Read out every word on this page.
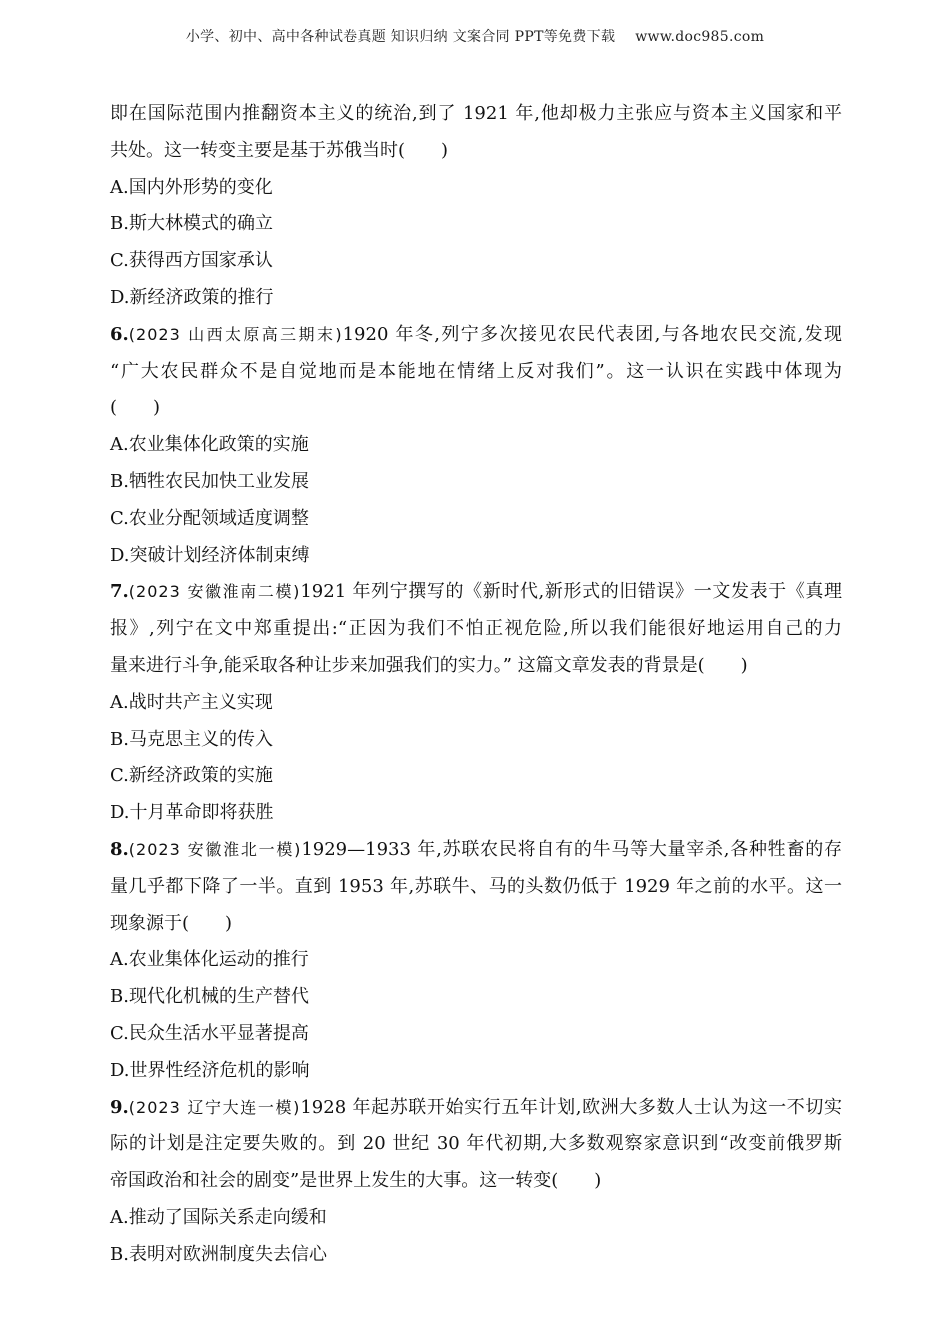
小学、初中、高中各种试卷真题 知识归纳 文案合同 PPT等免费下载 www.doc985.com
即在国际范围内推翻资本主义的统治,到了 1921 年,他却极力主张应与资本主义国家和平
共处。这一转变主要是基于苏俄当时(　　)
A.国内外形势的变化
B.斯大林模式的确立
C.获得西方国家承认
D.新经济政策的推行
6.(2023 山西太原高三期末)1920 年冬,列宁多次接见农民代表团,与各地农民交流,发现
“广大农民群众不是自觉地而是本能地在情绪上反对我们”。这一认识在实践中体现为
(　　)
A.农业集体化政策的实施
B.牺牲农民加快工业发展
C.农业分配领域适度调整
D.突破计划经济体制束缚
7.(2023 安徽淮南二模)1921 年列宁撰写的《新时代,新形式的旧错误》一文发表于《真理
报》,列宁在文中郑重提出:“正因为我们不怕正视危险,所以我们能很好地运用自己的力
量来进行斗争,能采取各种让步来加强我们的实力。” 这篇文章发表的背景是(　　)
A.战时共产主义实现
B.马克思主义的传入
C.新经济政策的实施
D.十月革命即将获胜
8.(2023 安徽淮北一模)1929—1933 年,苏联农民将自有的牛马等大量宰杀,各种牲畜的存
量几乎都下降了一半。直到 1953 年,苏联牛、马的头数仍低于 1929 年之前的水平。这一
现象源于(　　)
A.农业集体化运动的推行
B.现代化机械的生产替代
C.民众生活水平显著提高
D.世界性经济危机的影响
9.(2023 辽宁大连一模)1928 年起苏联开始实行五年计划,欧洲大多数人士认为这一不切实
际的计划是注定要失败的。到 20 世纪 30 年代初期,大多数观察家意识到“改变前俄罗斯
帝国政治和社会的剧变”是世界上发生的大事。这一转变(　　)
A.推动了国际关系走向缓和
B.表明对欧洲制度失去信心
